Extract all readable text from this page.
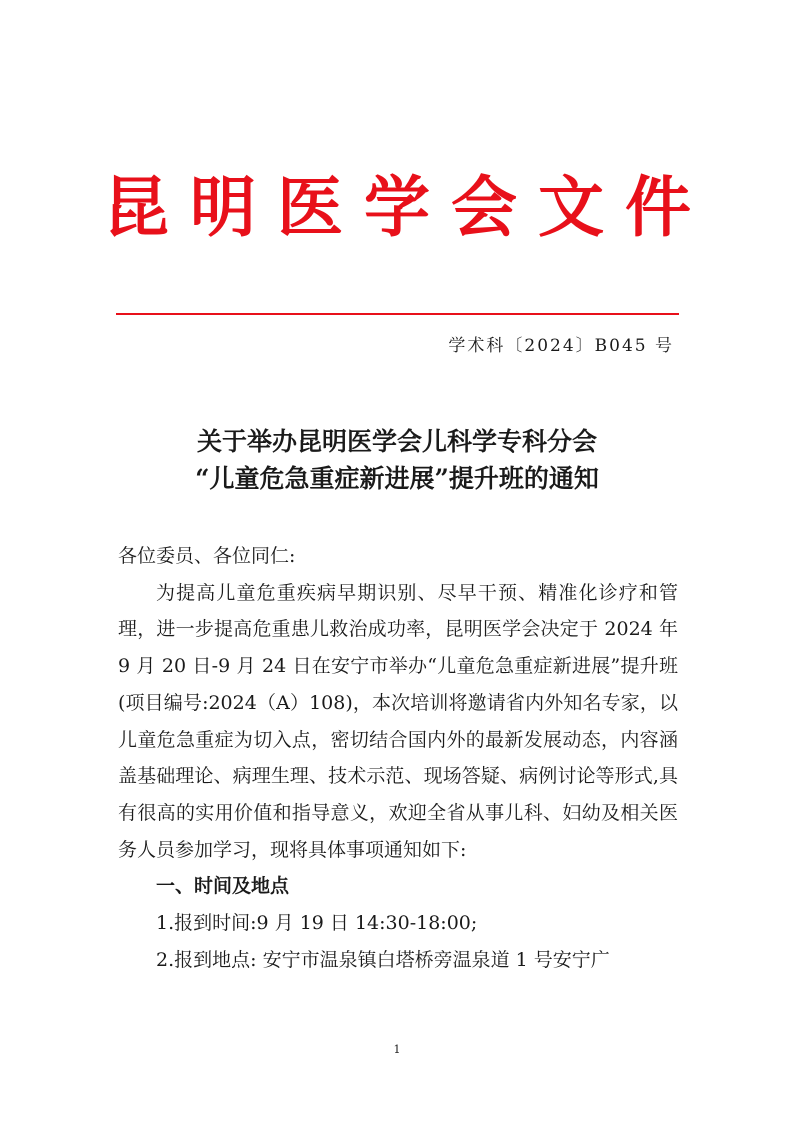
昆明医学会文件
学术科〔2024〕B045 号
关于举办昆明医学会儿科学专科分会
“儿童危急重症新进展”提升班的通知

各位委员、各位同仁:

为提高儿童危重疾病早期识别、尽早干预、精准化诊疗和管理，进一步提高危重患儿救治成功率，昆明医学会决定于 2024 年 9 月 20 日-9 月 24 日在安宁市举办“儿童危急重症新进展”提升班(项目编号:2024（A）108)，本次培训将邀请省内外知名专家，以儿童危急重症为切入点，密切结合国内外的最新发展动态，内容涵盖基础理论、病理生理、技术示范、现场答疑、病例讨论等形式,具有很高的实用价值和指导意义，欢迎全省从事儿科、妇幼及相关医务人员参加学习，现将具体事项通知如下:

一、时间及地点

1.报到时间:9 月 19 日 14:30-18:00;

2.报到地点: 安宁市温泉镇白塔桥旁温泉道 1 号安宁广

1
